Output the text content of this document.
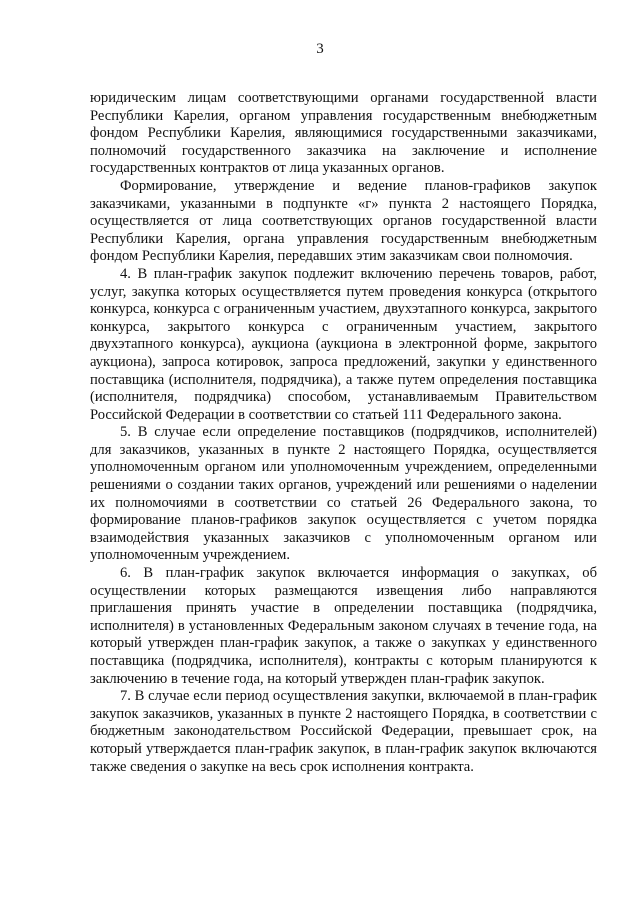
3

юридическим лицам соответствующими органами государственной власти Республики Карелия, органом управления государственным внебюджетным фондом Республики Карелия, являющимися государственными заказчиками, полномочий государственного заказчика на заключение и исполнение государственных контрактов от лица указанных органов.

Формирование, утверждение и ведение планов-графиков закупок заказчиками, указанными в подпункте «г» пункта 2 настоящего Порядка, осуществляется от лица соответствующих органов государственной власти Республики Карелия, органа управления государственным внебюджетным фондом Республики Карелия, передавших этим заказчикам свои полномочия.

4. В план-график закупок подлежит включению перечень товаров, работ, услуг, закупка которых осуществляется путем проведения конкурса (открытого конкурса, конкурса с ограниченным участием, двухэтапного конкурса, закрытого конкурса, закрытого конкурса с ограниченным участием, закрытого двухэтапного конкурса), аукциона (аукциона в электронной форме, закрытого аукциона), запроса котировок, запроса предложений, закупки у единственного поставщика (исполнителя, подрядчика), а также путем определения поставщика (исполнителя, подрядчика) способом, устанавливаемым Правительством Российской Федерации в соответствии со статьей 111 Федерального закона.

5. В случае если определение поставщиков (подрядчиков, исполнителей) для заказчиков, указанных в пункте 2 настоящего Порядка, осуществляется уполномоченным органом или уполномоченным учреждением, определенными решениями о создании таких органов, учреждений или решениями о наделении их полномочиями в соответствии со статьей 26 Федерального закона, то формирование планов-графиков закупок осуществляется с учетом порядка взаимодействия указанных заказчиков с уполномоченным органом или уполномоченным учреждением.

6. В план-график закупок включается информация о закупках, об осуществлении которых размещаются извещения либо направляются приглашения принять участие в определении поставщика (подрядчика, исполнителя) в установленных Федеральным законом случаях в течение года, на который утвержден план-график закупок, а также о закупках у единственного поставщика (подрядчика, исполнителя), контракты с которым планируются к заключению в течение года, на который утвержден план-график закупок.

7. В случае если период осуществления закупки, включаемой в план-график закупок заказчиков, указанных в пункте 2 настоящего Порядка, в соответствии с бюджетным законодательством Российской Федерации, превышает срок, на который утверждается план-график закупок, в план-график закупок включаются также сведения о закупке на весь срок исполнения контракта.
